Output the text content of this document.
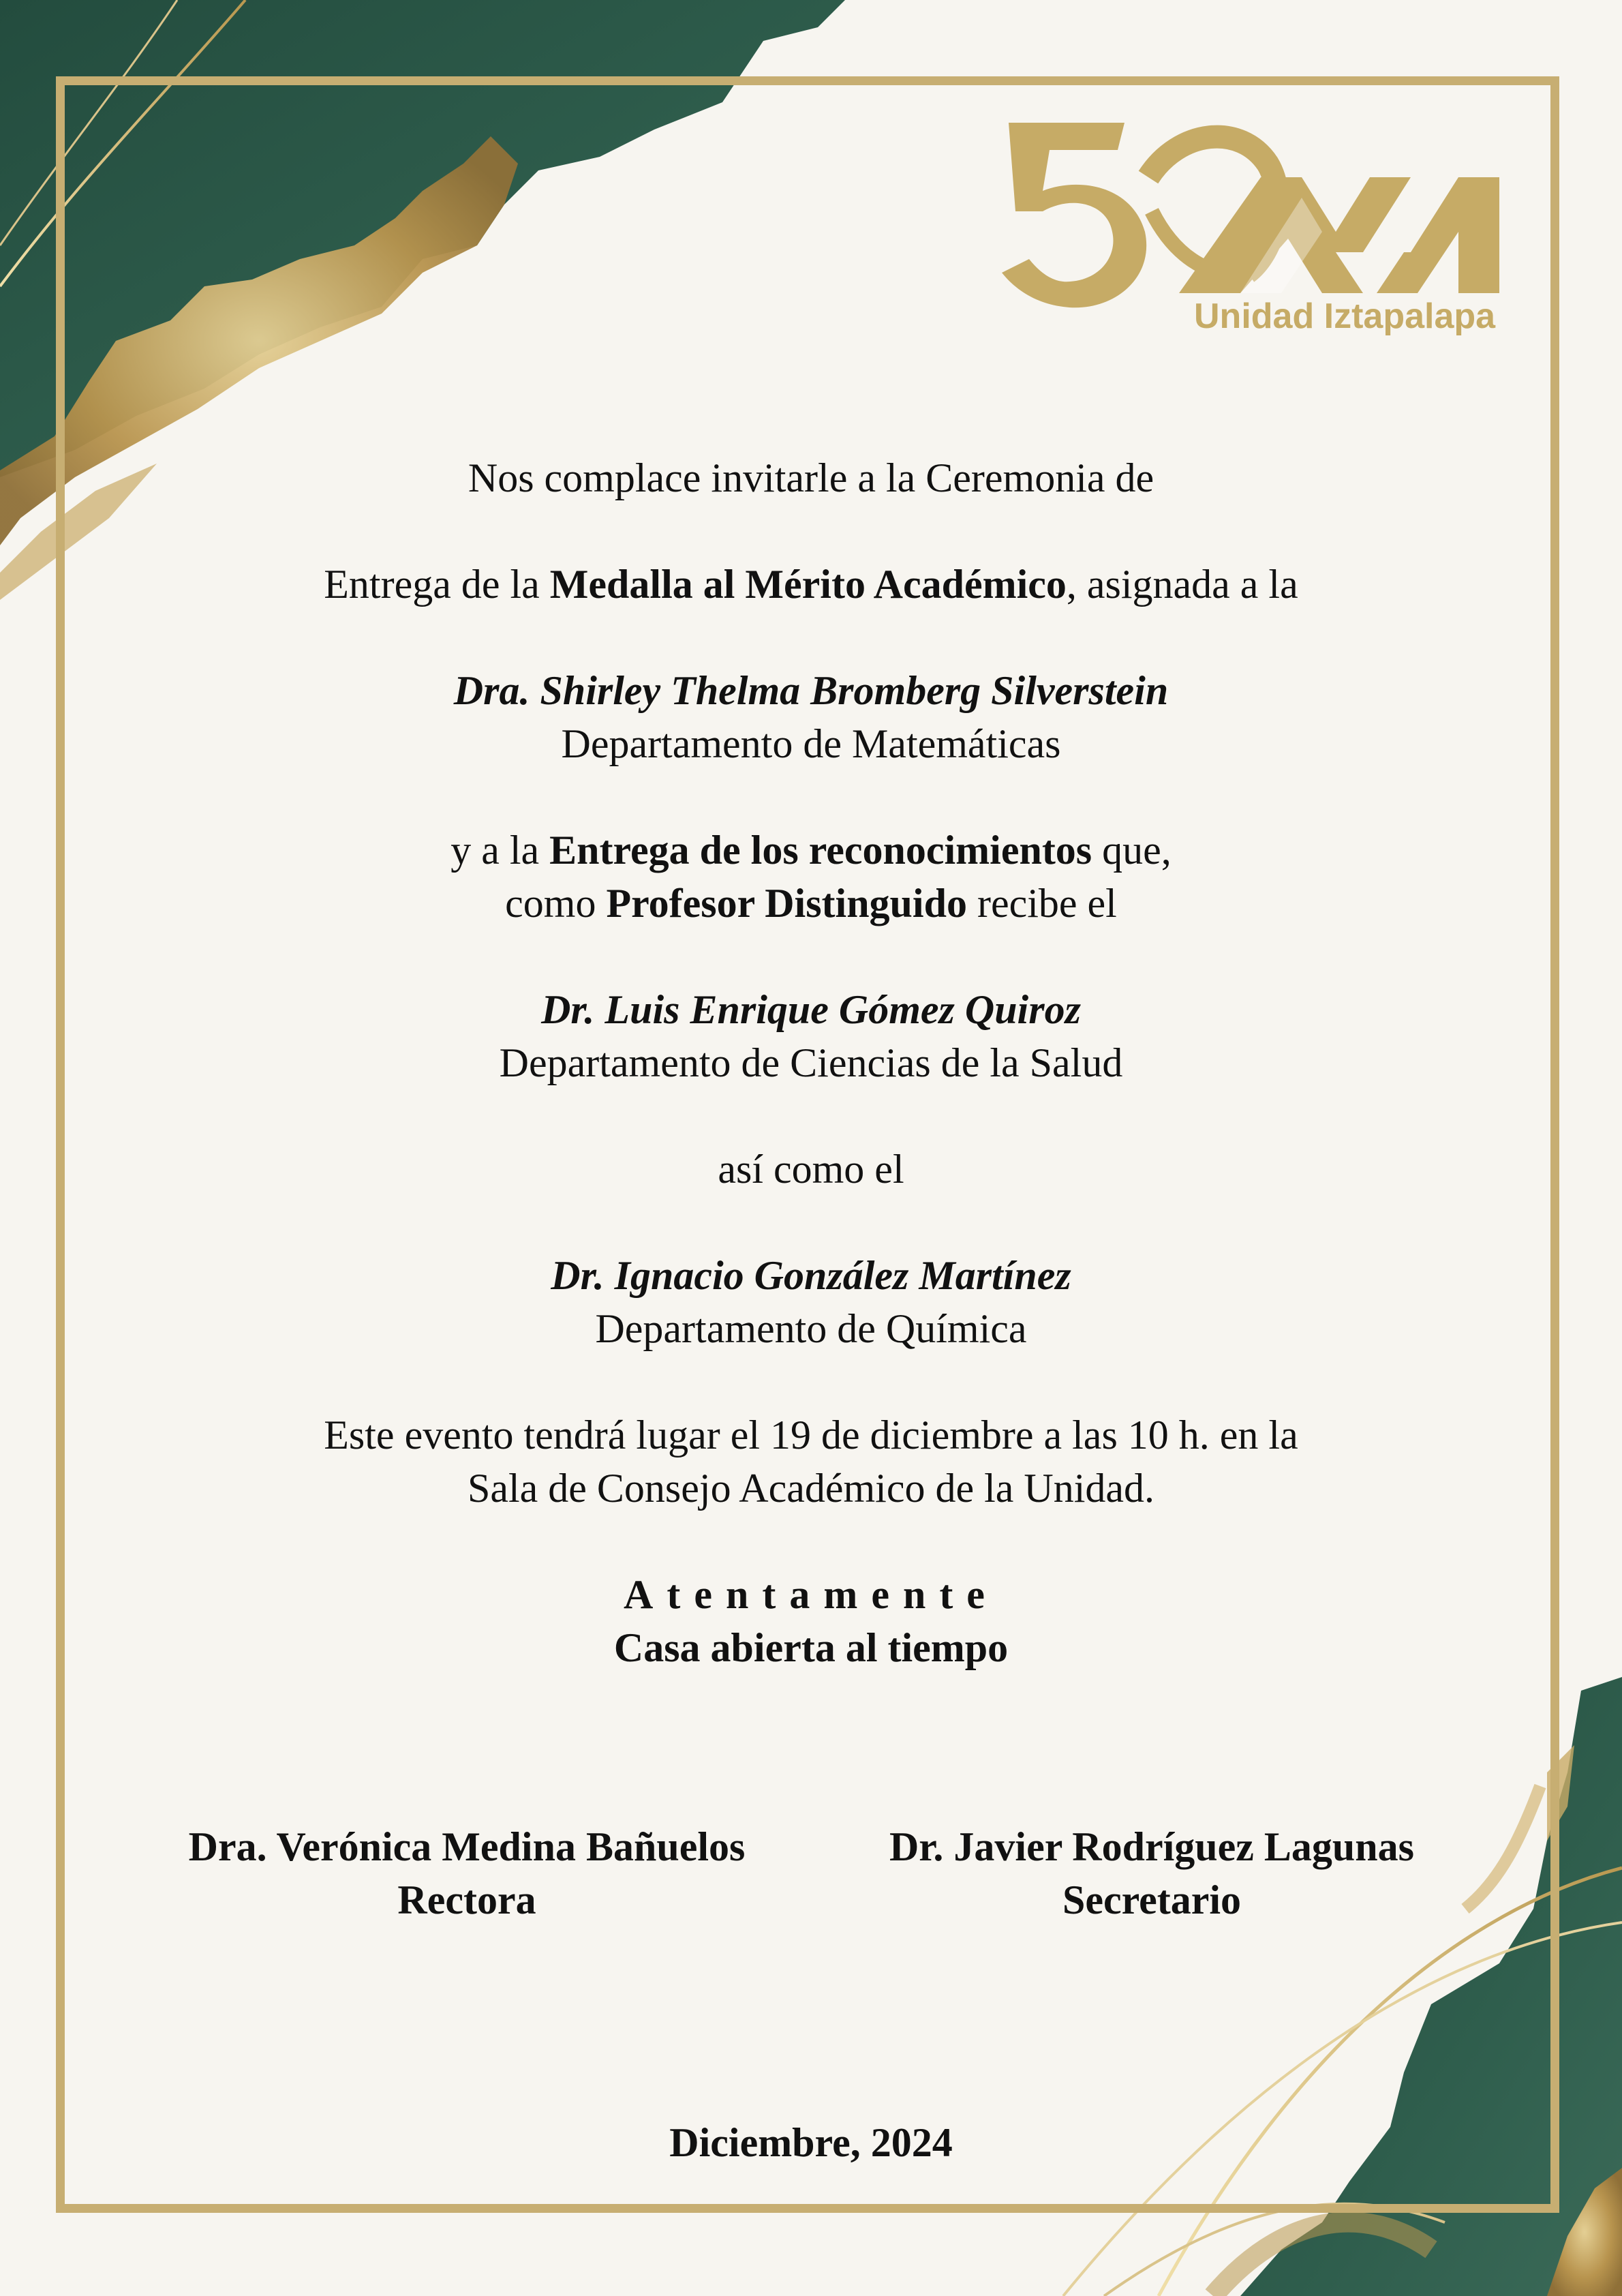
Unidad Iztapalapa
Nos complace invitarle a la Ceremonia de
Entrega de la Medalla al Mérito Académico, asignada a la
Dra. Shirley Thelma Bromberg Silverstein
Departamento de Matemáticas
y a la Entrega de los reconocimientos que,
como Profesor Distinguido recibe el
Dr. Luis Enrique Gómez Quiroz
Departamento de Ciencias de la Salud
así como el
Dr. Ignacio González Martínez
Departamento de Química
Este evento tendrá lugar el 19 de diciembre a las 10 h. en la
Sala de Consejo Académico de la Unidad.
Atentamente
Casa abierta al tiempo
Dra. Verónica Medina Bañuelos
Rectora
Dr. Javier Rodríguez Lagunas
Secretario
Diciembre, 2024
